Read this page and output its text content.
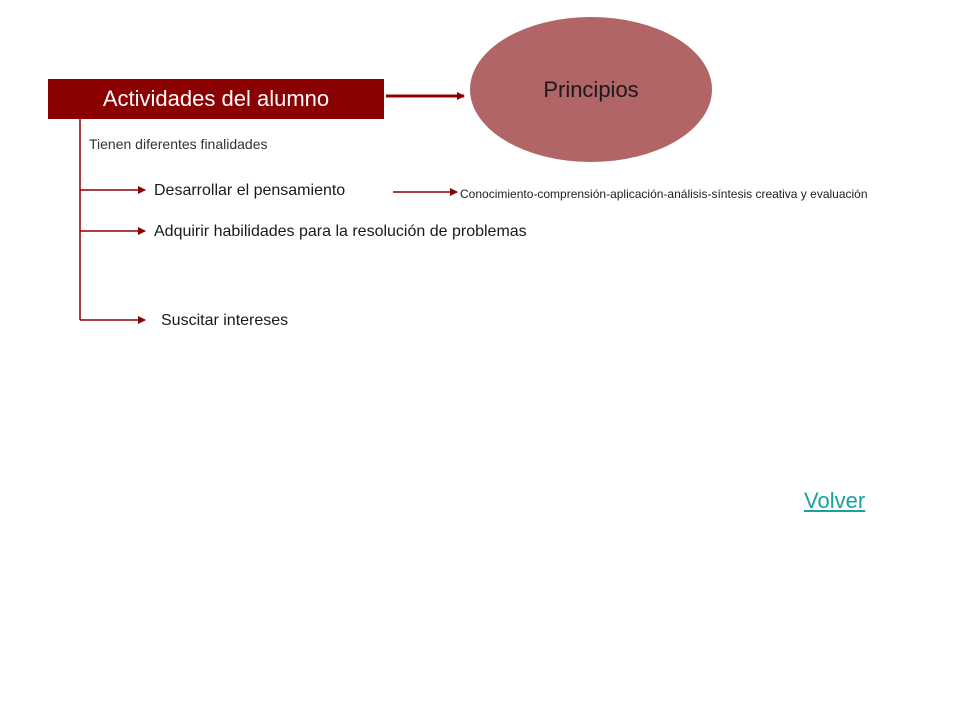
Actividades del alumno	Principios
Tienen diferentes finalidades
Desarrollar el pensamiento
Adquirir habilidades para la resolución de problemas
Suscitar intereses
Conocimiento-comprensión-aplicación-análisis-síntesis creativa y evaluación
Volver
